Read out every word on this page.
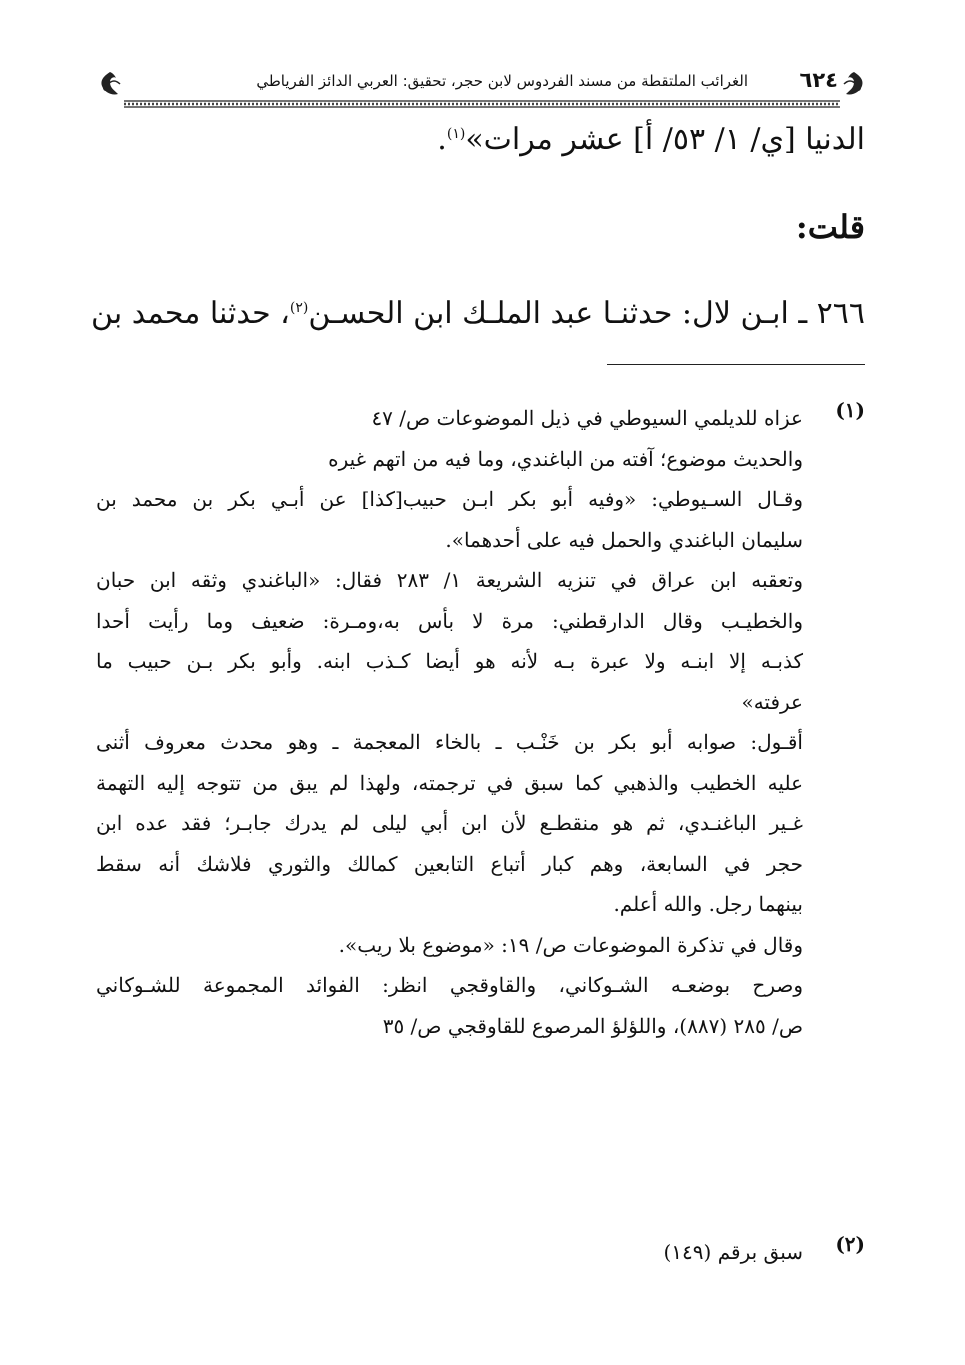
٦٢٤
الغرائب الملتقطة من مسند الفردوس لابن حجر، تحقيق: العربي الدائز الفرياطي
الدنيا [ي/ ١/ ٥٣/ أ] عشر مرات»$^{(١)}$.
قلت:
٢٦٦ ـ ابـن لال: حدثنـا عبد الملـك ابن الحسـن$^{(٢)}$، حدثنا محمد بن
(١)

عزاه للديلمي السيوطي في ذيل الموضوعات ص/ ٤٧

والحديث موضوع؛ آفته من الباغندي، وما فيه من اتهم غيره

وقـال السـيوطي: «وفيه أبو بكر ابـن حبيب[كذا] عن أبـي بكر بن محمد بن

سليمان الباغندي والحمل فيه على أحدهما».

وتعقبه ابن عراق في تنزيه الشريعة ١/ ٢٨٣ فقال: «الباغندي وثقه ابن حبان

والخطيـب وقال الدارقطني: مرة لا بأس به،ومـرة: ضعيف وما رأيت أحدا

كذبـه إلا ابنـه ولا عبرة بـه لأنه هو أيضا كـذب ابنه. وأبو بكر بـن حبيب ما

عرفته»

أقـول: صوابه أبو بكر بن خَنْـب ـ بالخاء المعجمة ـ وهو محدث معروف أثنى

عليه الخطيب والذهبي كما سبق في ترجمته، ولهذا لم يبق من تتوجه إليه التهمة

غـير الباغنـدي، ثم هو منقطـع لأن ابن أبي ليلى لم يدرك جابـر؛ فقد عده ابن

حجر في السابعة، وهم كبار أتباع التابعين كمالك والثوري فلاشك أنه سقط

بينهما رجل. والله أعلم.

وقال في تذكرة الموضوعات ص/ ١٩: «موضوع بلا ريب».

وصرح بوضعـه الشـوكاني، والقاوقجي انظر: الفوائد المجموعة للشـوكاني

ص/ ٢٨٥ (٨٨٧)، واللؤلؤ المرصوع للقاوقجي ص/ ٣٥

(٢)

سبق برقم (١٤٩)
